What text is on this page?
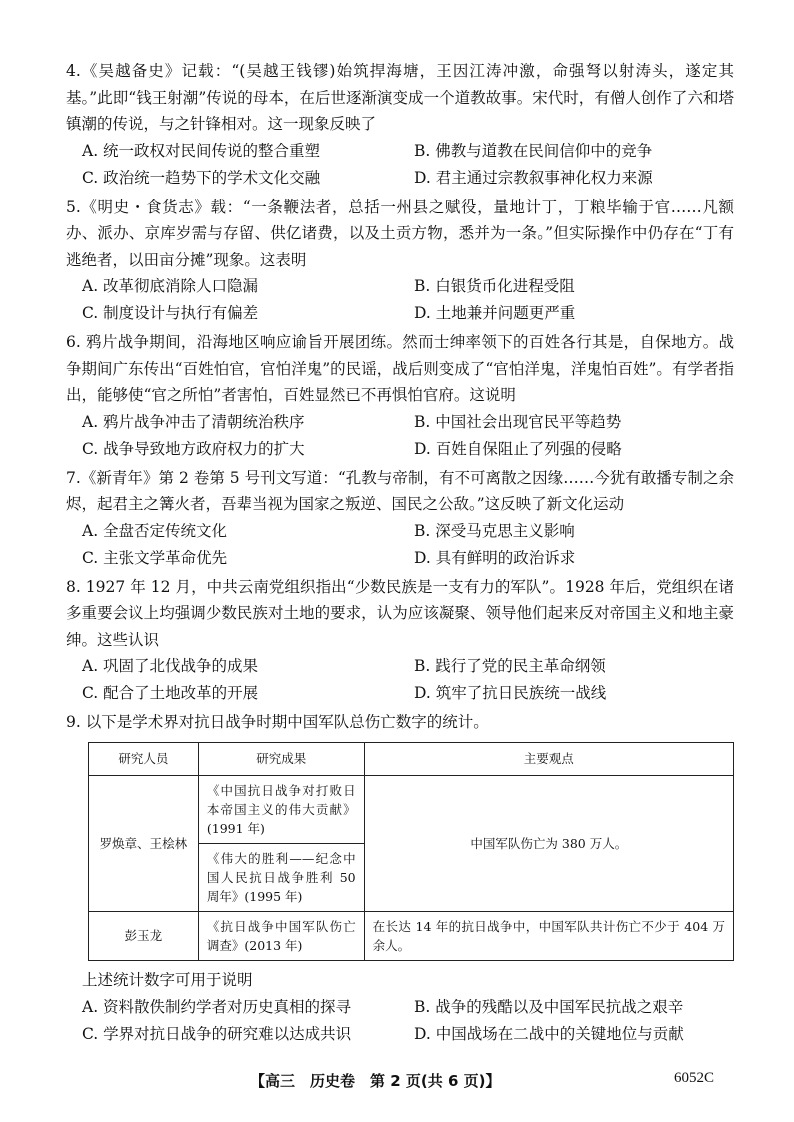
4.《吴越备史》记载：“(吴越王钱镠)始筑捍海塘，王因江涛冲激，命强弩以射涛头，遂定其基。”此即“钱王射潮”传说的母本，在后世逐渐演变成一个道教故事。宋代时，有僧人创作了六和塔镇潮的传说，与之针锋相对。这一现象反映了
A. 统一政权对民间传说的整合重塑	B. 佛教与道教在民间信仰中的竞争
C. 政治统一趋势下的学术文化交融	D. 君主通过宗教叙事神化权力来源
5.《明史・食货志》载：“一条鞭法者，总括一州县之赋役，量地计丁，丁粮毕输于官……凡额办、派办、京库岁需与存留、供亿诸费，以及土贡方物，悉并为一条。”但实际操作中仍存在“丁有逃绝者，以田亩分摊”现象。这表明
A. 改革彻底消除人口隐漏	B. 白银货币化进程受阻
C. 制度设计与执行有偏差	D. 土地兼并问题更严重
6. 鸦片战争期间，沿海地区响应谕旨开展团练。然而士绅率领下的百姓各行其是，自保地方。战争期间广东传出“百姓怕官，官怕洋鬼”的民谣，战后则变成了“官怕洋鬼，洋鬼怕百姓”。有学者指出，能够使“官之所怕”者害怕，百姓显然已不再惧怕官府。这说明
A. 鸦片战争冲击了清朝统治秩序	B. 中国社会出现官民平等趋势
C. 战争导致地方政府权力的扩大	D. 百姓自保阻止了列强的侵略
7.《新青年》第 2 卷第 5 号刊文写道：“孔教与帝制，有不可离散之因缘……今犹有敢播专制之余烬，起君主之篝火者，吾辈当视为国家之叛逆、国民之公敌。”这反映了新文化运动
A. 全盘否定传统文化	B. 深受马克思主义影响
C. 主张文学革命优先	D. 具有鲜明的政治诉求
8. 1927 年 12 月，中共云南党组织指出“少数民族是一支有力的军队”。1928 年后，党组织在诸多重要会议上均强调少数民族对土地的要求，认为应该凝聚、领导他们起来反对帝国主义和地主豪绅。这些认识
A. 巩固了北伐战争的成果	B. 践行了党的民主革命纲领
C. 配合了土地改革的开展	D. 筑牢了抗日民族统一战线
9. 以下是学术界对抗日战争时期中国军队总伤亡数字的统计。
研究人员	研究成果	主要观点
罗焕章、王桧林	《中国抗日战争对打败日本帝国主义的伟大贡献》(1991 年)	中国军队伤亡为 380 万人。
	《伟大的胜利——纪念中国人民抗日战争胜利 50 周年》(1995 年)	
彭玉龙	《抗日战争中国军队伤亡调查》(2013 年)	在长达 14 年的抗日战争中，中国军队共计伤亡不少于 404 万余人。
上述统计数字可用于说明
A. 资料散佚制约学者对历史真相的探寻	B. 战争的残酷以及中国军民抗战之艰辛
C. 学界对抗日战争的研究难以达成共识	D. 中国战场在二战中的关键地位与贡献
【高三　历史卷　第 2 页(共 6 页)】	6052C
